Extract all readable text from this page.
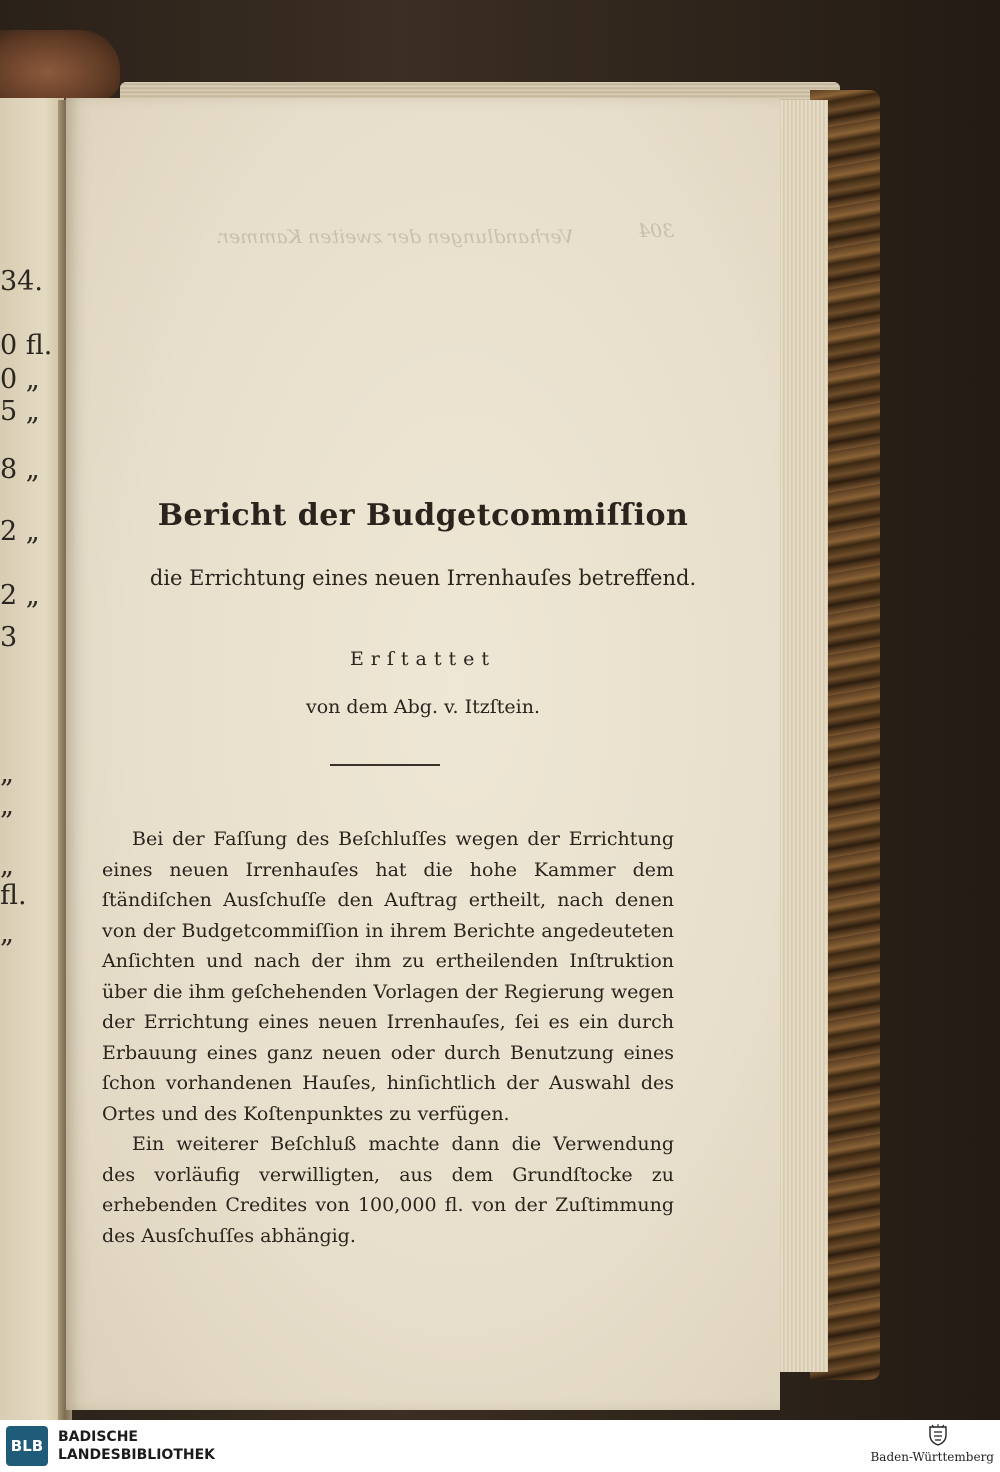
34.
0 fl.
0 „
5 „
8 „
2 „
2 „
3
„
„
„
fl.
„
Verhandlungen der zweiten Kammer.	304
Bericht der Budgetcommiſſion
die Errichtung eines neuen Irrenhauſes betreffend.
Erſtattet
von dem Abg. v. Itzſtein.

Bei der Faſſung des Beſchluſſes wegen der Errichtung eines neuen Irrenhauſes hat die hohe Kammer dem ſtändiſchen Ausſchuſſe den Auftrag ertheilt, nach denen von der Budgetcommiſſion in ihrem Berichte angedeuteten Anſichten und nach der ihm zu ertheilenden Inſtruktion über die ihm geſchehenden Vorlagen der Regierung wegen der Errichtung eines neuen Irrenhauſes, ſei es ein durch Erbauung eines ganz neuen oder durch Benutzung eines ſchon vorhandenen Hauſes, hinſichtlich der Auswahl des Ortes und des Koſtenpunktes zu verfügen.

Ein weiterer Beſchluß machte dann die Verwendung des vorläufig verwilligten, aus dem Grundſtocke zu erhebenden Credites von 100,000 fl. von der Zuſtimmung des Ausſchuſſes abhängig.

BLB	BADISCHE
LANDESBIBLIOTHEK	Baden-Württemberg
